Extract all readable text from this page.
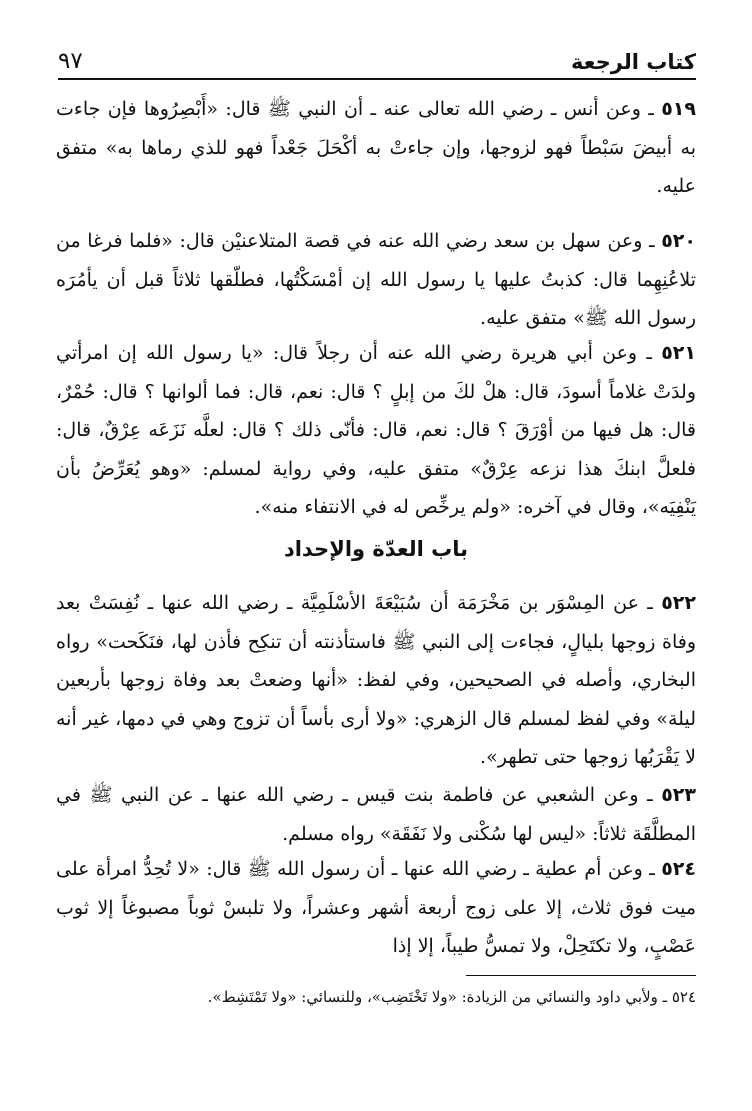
كتاب الرجعة
٩٧

٥١٩ ـ وعن أنس ـ رضي الله تعالى عنه ـ أن النبي ﷺ قال: «أَبْصِرُوها فإن جاءت به أبيضَ سَبْطاً فهو لزوجها، وإن جاءتْ به أكْحَلَ جَعْداً فهو للذي رماها به» متفق عليه.

٥٢٠ ـ وعن سهل بن سعد رضي الله عنه في قصة المتلاعنيْن قال: «فلما فرغا من تلاعُنِهِما قال: كذبتُ عليها يا رسول الله إن أمْسَكْتُها، فطلّقها ثلاثاً قبل أن يأمُرَه رسول الله ﷺ» متفق عليه.

٥٢١ ـ وعن أبي هريرة رضي الله عنه أن رجلاً قال: «يا رسول الله إن امرأتي ولدَتْ غلاماً أسودَ، قال: هلْ لكَ من إبلٍ ؟ قال: نعم، قال: فما ألوانها ؟ قال: حُمْرٌ، قال: هل فيها من أوْرَقَ ؟ قال: نعم، قال: فأنّى ذلك ؟ قال: لعلَّه نَزَعَه عِرْقٌ، قال: فلعلَّ ابنكَ هذا نزعه عِرْقٌ» متفق عليه، وفي رواية لمسلم: «وهو يُعَرِّضُ بأن يَنْفِيَه»، وقال في آخره: «ولم يرخِّص له في الانتفاء منه».

باب العدّة والإحداد

٥٢٢ ـ عن المِسْوَر بن مَخْرَمَة أن سُبَيْعَةَ الأسْلَمِيَّة ـ رضي الله عنها ـ نُفِسَتْ بعد وفاة زوجها بليالٍ، فجاءت إلى النبي ﷺ فاستأذنته أن تنكِح فأذن لها، فنَكَحت» رواه البخاري، وأصله في الصحيحين، وفي لفظ: «أنها وضعتْ بعد وفاة زوجها بأربعين ليلة» وفي لفظ لمسلم قال الزهري: «ولا أرى بأساً أن تزوج وهي في دمها، غير أنه لا يَقْرَبُها زوجها حتى تطهر».

٥٢٣ ـ وعن الشعبي عن فاطمة بنت قيس ـ رضي الله عنها ـ عن النبي ﷺ في المطلَّقَة ثلاثاً: «ليس لها سُكْنى ولا نَفَقَة» رواه مسلم.

٥٢٤ ـ وعن أم عطية ـ رضي الله عنها ـ أن رسول الله ﷺ قال: «لا تُحِدُّ امرأة على ميت فوق ثلاث، إلا على زوج أربعة أشهر وعشراً، ولا تلبسْ ثوباً مصبوغاً إلا ثوب عَصْبٍ، ولا تكتَحِلْ، ولا تمسُّ طيباً، إلا إذا

٥٢٤ ـ ولأبي داود والنسائي من الزيادة: «ولا تَخْتَضِب»، وللنسائي: «ولا تَمْتَشِط».
